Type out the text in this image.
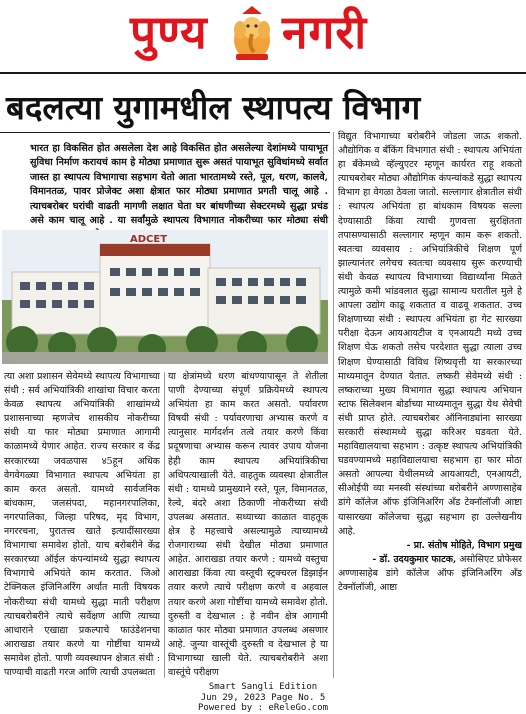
पुण्य नगरी
बदलत्या युगामधील स्थापत्य विभाग
भारत हा विकसित होत असलेला देश आहे विकसित होत असलेल्या देशांमध्ये पायाभूत सुविधा निर्माण करायचं काम हे मोठ्या प्रमाणात सुरू असतं पायाभूत सुविधांमध्ये सर्वात जास्त हा स्थापत्य विभागाचा सहभाग येतो आता भारतामध्ये रस्ते, पूल, धरण, कालवे, विमानतळ, पावर प्रोजेक्ट अशा क्षेत्रात फार मोठ्या प्रमाणात प्रगती चालू आहे . त्याचबरोबर घरांची वाढती मागणी लक्षात घेता घर बांधणीच्या सेक्टरमध्ये सुद्धा प्रचंड असे काम चालू आहे . या सर्वांमुळे स्थापत्य विभागात नोकरीच्या फार मोठ्या संधी
ADCET

त्या अशा प्रशासन सेवेमध्ये स्थापत्य विभागाच्या संधी : सर्व अभियांत्रिकी शाखांचा विचार करता केवळ स्थापत्य अभियांत्रिकी शाखांमध्ये प्रशासनाच्या म्हणजेच शासकीय नोकरीच्या संधी या फार मोठ्या प्रमाणात आगामी काळामध्ये येणार आहेत. राज्य सरकार व केंद्र सरकारच्या जवळपास ४5हून अधिक वेगवेगळ्या विभागात स्थापत्य अभियंता हा काम करत असतो. यामध्ये सार्वजनिक बांधकाम, जलसंपदा, महानगरपालिका, नगरपालिका, जिल्हा परिषद, मृद विभाग, नगररचना, पुरातत्त्व खाते इत्यादींसारख्या विभागाचा समावेश होतो. याच बरोबरीने केंद्र सरकारच्या ऑईल कंपन्यांमध्ये सुद्धा स्थापत्य विभागाचे अभियंते काम करतात. जिओ टेक्निकल इंजिनिअरिंग अर्थात माती विषयक नोकरीच्या संधी यामध्ये सुद्धा माती परीक्षण त्याचबरोबरीने त्याचे सर्वेक्षण आणि त्याच्या आधाराने एखाद्या प्रकल्पाचे फाउंडेशनचा आराखडा तयार करणे या गोष्टींचा यामध्ये समावेश होतो. पाणी व्यवस्थापन क्षेत्रात संधी : पाण्याची वाढती गरज आणि त्याची उपलब्धता

या क्षेत्रांमध्ये धरण बांधण्यापासून ते शेतीला पाणी देण्याच्या संपूर्ण प्रक्रियेमध्ये स्थापत्य अभियंता हा काम करत असतो. पर्यावरण विषयी संधी : पर्यावरणाचा अभ्यास करणे व त्यानुसार मार्गदर्शन तत्वे तयार करणे किंवा प्रदूषणाचा अभ्यास करून त्यावर उपाय योजना हेही काम स्थापत्य अभियांत्रिकीचा अधिपत्याखाली येते. वाहतुक व्यवस्था क्षेत्रातील संधी : यामध्ये प्रामुख्याने रस्ते, पूल, विमानतळ, रेल्वे, बंदरे अशा ठिकाणी नोकरीच्या संधी उपलब्ध असतात. सध्याच्या काळात वाहतूक क्षेत्र हे महत्त्वाचे असल्यामुळे त्याच्यामध्ये रोजगाराच्या संधी देखील मोठ्या प्रमाणात आहेत. आराखडा तयार करणे : यामध्ये वस्तुचा आराखडा किंवा त्या वस्तूची स्ट्रक्चरल डिझाईन तयार करणे त्याचे परीक्षण करणे व अहवाल तयार करणे अशा गोष्टींचा यामध्ये समावेश होतो. दुरुस्ती व देखभाल : हे नवीन क्षेत्र आगामी काळात फार मोठ्या प्रमाणात उपलब्ध असणार आहे. जुन्या वास्तूंची दुरुस्ती व देखभाल हे या विभागाच्या खाली येते. त्याचबरोबरीने अशा वास्तूंचे परीक्षण

विद्युत विभागाच्या बरोबरीने जोडला जाऊ शकतो. औद्योगिक व बँकिंग विभागात संधी : स्थापत्य अभियंता हा बँकेमध्ये व्हॅल्युएटर म्हणून कार्यरत राहू शकतो त्याचबरोबर मोठ्या औद्योगिक कंपन्यांकडे सुद्धा स्थापत्य विभाग हा वेगळा ठेवला जातो. सल्लागार क्षेत्रातील संधी : स्थापत्य अभियंता हा बांधकाम विषयक सल्ला देण्यासाठी किंवा त्याची गुणवत्ता सुरक्षितता तपासण्यासाठी सल्लागार म्हणून काम करू शकतो. स्वतःचा व्यवसाय : अभियांत्रिकीचे शिक्षण पूर्ण झाल्यानंतर लगेचच स्वतःचा व्यवसाय सुरू करण्याची संधी केवळ स्थापत्य विभागाच्या विद्यार्थ्यांना मिळते त्यामुळे कमी भांडवलात सुद्धा सामान्य घरातील मुले हे आपला उद्योग काढू शकतात व वाढवू शकतात. उच्च शिक्षणाच्या संधी : स्थापत्य अभियंता हा गेट सारख्या परीक्षा देऊन आयआयटीज व एनआयटी मध्ये उच्च शिक्षण घेऊ शकतो तसेच परदेशात सुद्धा त्याला उच्च शिक्षण घेण्यासाठी विविध शिष्यवृत्ती या सरकारच्या माध्यमातून देण्यात येतात. लष्करी सेवेमध्ये संधी : लष्कराच्या मुख्य विभागात सुद्धा स्थापत्य अभियान स्टाफ सिलेक्शन बोर्डाच्या माध्यमातून सुद्धा येथ सेवेची संधी प्राप्त होते. त्याचबरोबर ऑनिनाड्यांना सारख्या सरकारी संस्थामध्ये सुद्धा करिअर घडवता येते. महाविद्यालयाचा सहभाग : उत्कृष्ट स्थापत्य अभियांत्रिकी घडवण्यामध्ये महाविद्यालयाचा सहभाग हा फार मोठा असतो आपल्या येथीलमध्ये आयआयटी, एनआयटी, सीओईपी व्या मनस्वी संस्थांच्या बरोबरीने अण्णासाहेब डांगे कॉलेज ऑफ इंजिनिअरिंग अँड टेक्नॉलॉजी आष्टा यासारख्या कॉलेजचा सुद्धा सहभाग हा उल्लेखनीय आहे.

- प्रा. संतोष मोहिते, विभाग प्रमुख

- डॉ. उदयकुमार फाटक, असोसिएट प्रोफेसर

अण्णासाहेब डांगे कॉलेज ऑफ इंजिनिअरिंग अँड टेक्नॉलॉजी, आष्टा

Smart Sangli Edition
Jun 29, 2023 Page No. 5
Powered by : eReleGo.com
